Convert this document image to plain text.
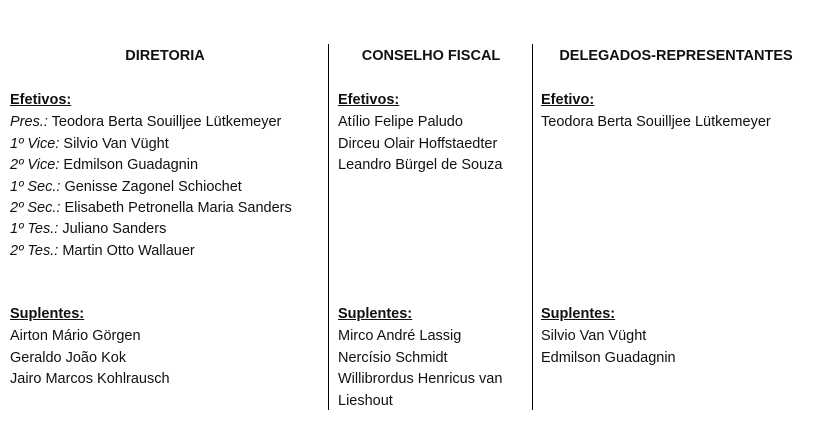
DIRETORIA
Efetivos:
Pres.: Teodora Berta Souilljee Lütkemeyer
1º Vice: Silvio Van Vüght
2º Vice: Edmilson Guadagnin
1º Sec.: Genisse Zagonel Schiochet
2º Sec.: Elisabeth Petronella Maria Sanders
1º Tes.: Juliano Sanders
2º Tes.: Martin Otto Wallauer
Suplentes:
Airton Mário Görgen
Geraldo João Kok
Jairo Marcos Kohlrausch
CONSELHO FISCAL
Efetivos:
Atílio Felipe Paludo
Dirceu Olair Hoffstaedter
Leandro Bürgel de Souza
Suplentes:
Mirco André Lassig
Nercísio Schmidt
Willibrordus Henricus van Lieshout
DELEGADOS-REPRESENTANTES
Efetivo:
Teodora Berta Souilljee Lütkemeyer
Suplentes:
Silvio Van Vüght
Edmilson Guadagnin
